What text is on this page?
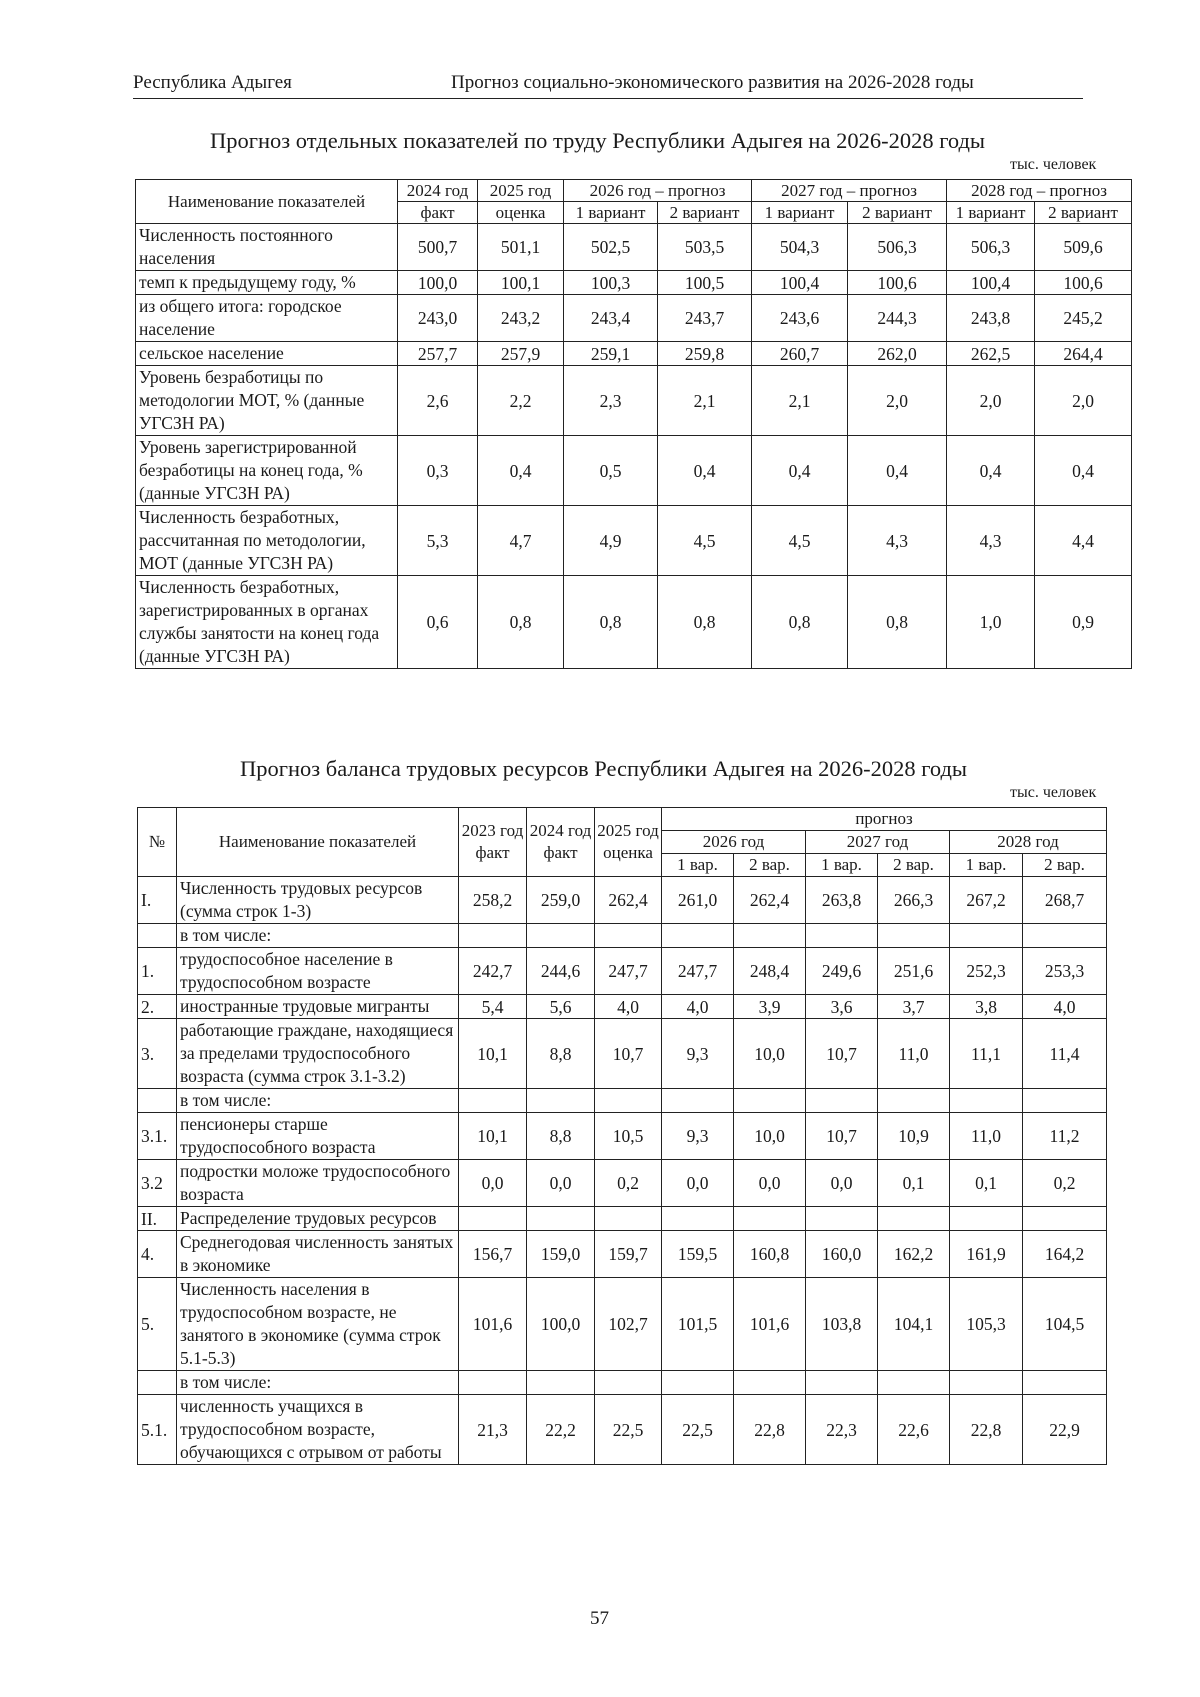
Республика Адыгея	Прогноз социально-экономического развития на 2026-2028 годы
Прогноз отдельных показателей по труду Республики Адыгея на 2026-2028 годы
тыс. человек
Наименование показателей	2024 год	2025 год	2026 год – прогноз		2027 год – прогноз		2028 год – прогноз	
	факт	оценка	1 вариант	2 вариант	1 вариант	2 вариант	1 вариант	2 вариант
Численность постоянного населения	500,7	501,1	502,5	503,5	504,3	506,3	506,3	509,6
темп к предыдущему году, %	100,0	100,1	100,3	100,5	100,4	100,6	100,4	100,6
из общего итога: городское население	243,0	243,2	243,4	243,7	243,6	244,3	243,8	245,2
сельское население	257,7	257,9	259,1	259,8	260,7	262,0	262,5	264,4
Уровень безработицы по методологии МОТ, % (данные УГСЗН РА)	2,6	2,2	2,3	2,1	2,1	2,0	2,0	2,0
Уровень зарегистрированной безработицы на конец года, % (данные УГСЗН РА)	0,3	0,4	0,5	0,4	0,4	0,4	0,4	0,4
Численность безработных, рассчитанная по методологии, МОТ (данные УГСЗН РА)	5,3	4,7	4,9	4,5	4,5	4,3	4,3	4,4
Численность безработных, зарегистрированных в органах службы занятости на конец года (данные УГСЗН РА)	0,6	0,8	0,8	0,8	0,8	0,8	1,0	0,9
Прогноз баланса трудовых ресурсов Республики Адыгея на 2026-2028 годы
тыс. человек
№	Наименование показателей	2023 год факт	2024 год факт	2025 год оценка	прогноз					
					2026 год		2027 год		2028 год	
					1 вар.	2 вар.	1 вар.	2 вар.	1 вар.	2 вар.
I.	Численность трудовых ресурсов (сумма строк 1-3)	258,2	259,0	262,4	261,0	262,4	263,8	266,3	267,2	268,7
	в том числе:									
1.	трудоспособное население в трудоспособном возрасте	242,7	244,6	247,7	247,7	248,4	249,6	251,6	252,3	253,3
2.	иностранные трудовые мигранты	5,4	5,6	4,0	4,0	3,9	3,6	3,7	3,8	4,0
3.	работающие граждане, находящиеся за пределами трудоспособного возраста (сумма строк 3.1-3.2)	10,1	8,8	10,7	9,3	10,0	10,7	11,0	11,1	11,4
	в том числе:									
3.1.	пенсионеры старше трудоспособного возраста	10,1	8,8	10,5	9,3	10,0	10,7	10,9	11,0	11,2
3.2	подростки моложе трудоспособного возраста	0,0	0,0	0,2	0,0	0,0	0,0	0,1	0,1	0,2
II.	Распределение трудовых ресурсов									
4.	Среднегодовая численность занятых в экономике	156,7	159,0	159,7	159,5	160,8	160,0	162,2	161,9	164,2
5.	Численность населения в трудоспособном возрасте, не занятого в экономике (сумма строк 5.1-5.3)	101,6	100,0	102,7	101,5	101,6	103,8	104,1	105,3	104,5
	в том числе:									
5.1.	численность учащихся в трудоспособном возрасте, обучающихся с отрывом от работы	21,3	22,2	22,5	22,5	22,8	22,3	22,6	22,8	22,9
57
